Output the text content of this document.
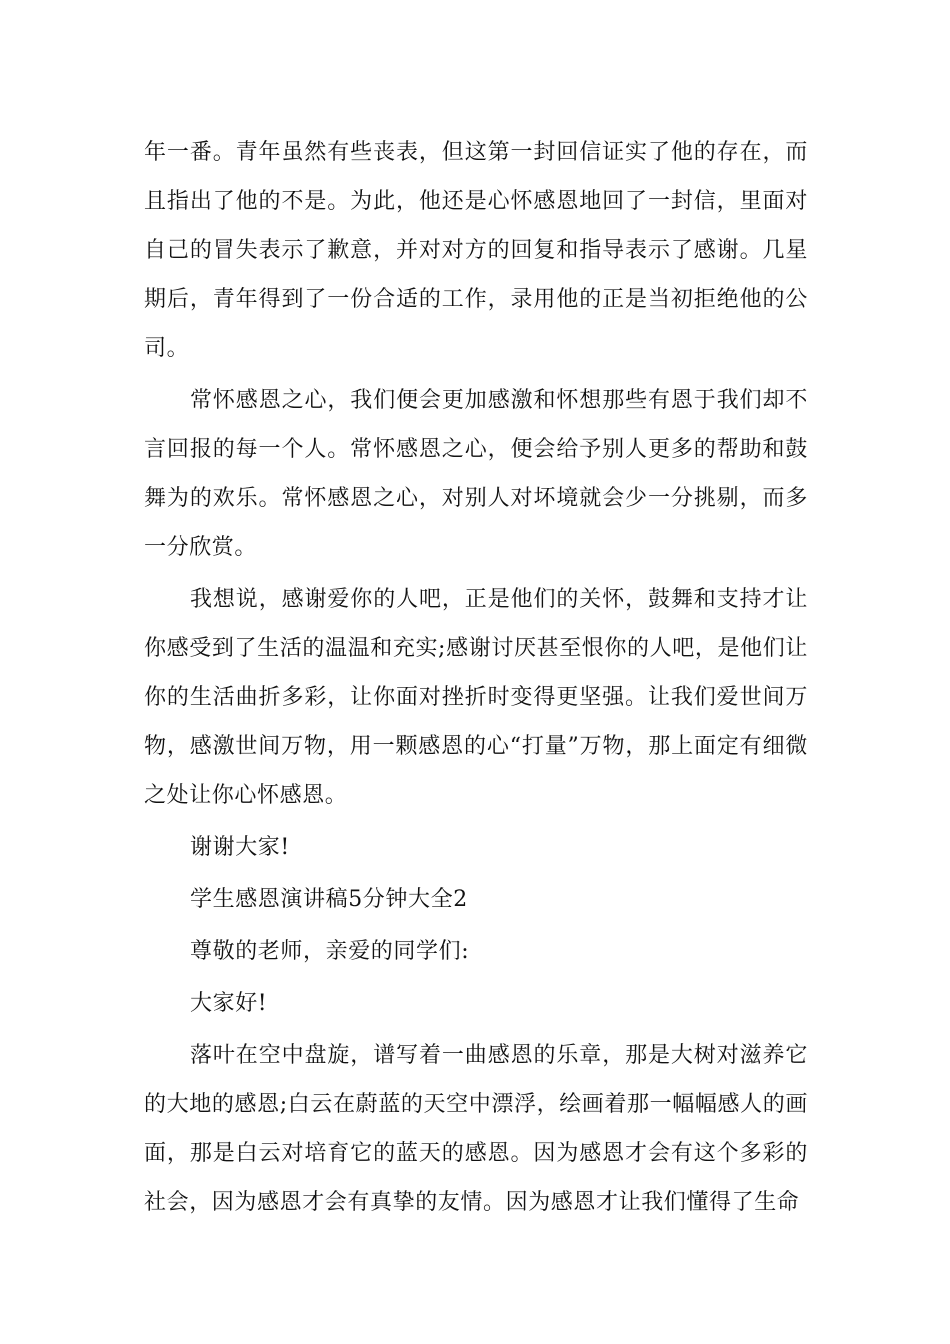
年一番。青年虽然有些丧表，但这第一封回信证实了他的存在，而且指出了他的不是。为此，他还是心怀感恩地回了一封信，里面对自己的冒失表示了歉意，并对对方的回复和指导表示了感谢。几星期后，青年得到了一份合适的工作，录用他的正是当初拒绝他的公司。

常怀感恩之心，我们便会更加感激和怀想那些有恩于我们却不言回报的每一个人。常怀感恩之心，便会给予别人更多的帮助和鼓舞为的欢乐。常怀感恩之心，对别人对坏境就会少一分挑剔，而多一分欣赏。

我想说，感谢爱你的人吧，正是他们的关怀，鼓舞和支持才让你感受到了生活的温温和充实;感谢讨厌甚至恨你的人吧，是他们让你的生活曲折多彩，让你面对挫折时变得更坚强。让我们爱世间万物，感激世间万物，用一颗感恩的心“打量”万物，那上面定有细微之处让你心怀感恩。

谢谢大家!

学生感恩演讲稿5分钟大全2

尊敬的老师，亲爱的同学们:

大家好!

落叶在空中盘旋，谱写着一曲感恩的乐章，那是大树对滋养它的大地的感恩;白云在蔚蓝的天空中漂浮，绘画着那一幅幅感人的画面，那是白云对培育它的蓝天的感恩。因为感恩才会有这个多彩的社会，因为感恩才会有真挚的友情。因为感恩才让我们懂得了生命
